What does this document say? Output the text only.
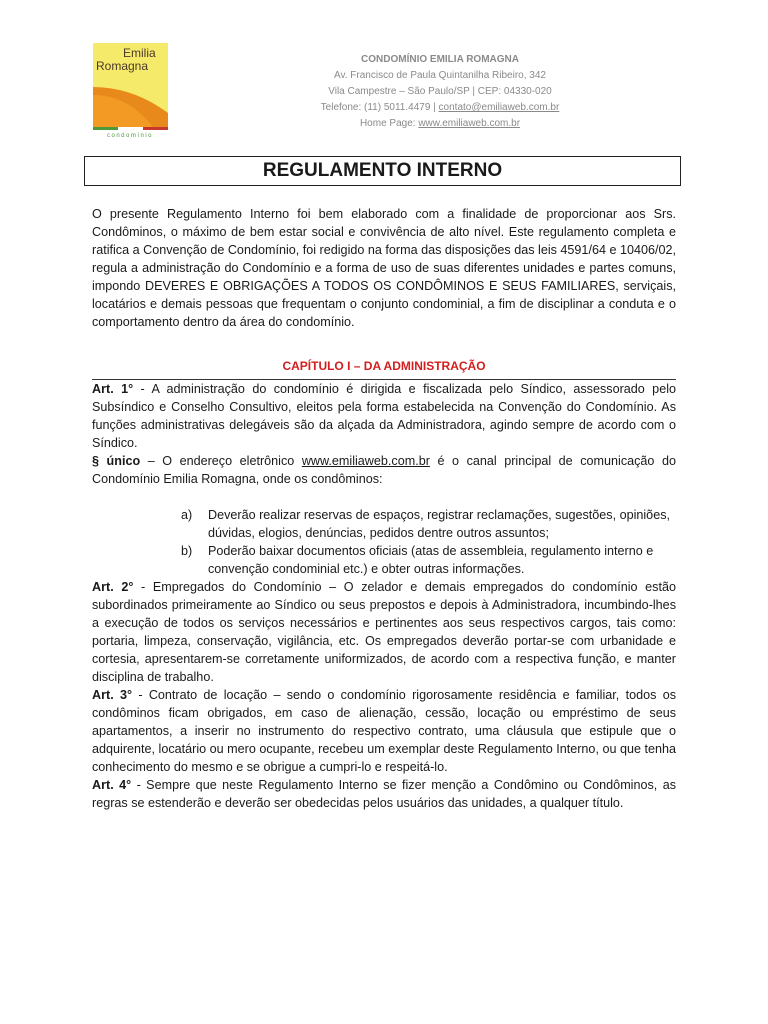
Emilia
Romagna
condomínio
CONDOMÍNIO EMILIA ROMAGNA
Av. Francisco de Paula Quintanilha Ribeiro, 342
Vila Campestre – São Paulo/SP | CEP: 04330-020
Telefone: (11) 5011.4479 | contato@emiliaweb.com.br
Home Page: www.emiliaweb.com.br
REGULAMENTO INTERNO

O presente Regulamento Interno foi bem elaborado com a finalidade de proporcionar aos Srs. Condôminos, o máximo de bem estar social e convivência de alto nível. Este regulamento completa e ratifica a Convenção de Condomínio, foi redigido na forma das disposições das leis 4591/64 e 10406/02, regula a administração do Condomínio e a forma de uso de suas diferentes unidades e partes comuns, impondo DEVERES E OBRIGAÇÕES A TODOS OS CONDÔMINOS E SEUS FAMILIARES, serviçais, locatários e demais pessoas que frequentam o conjunto condominial, a fim de disciplinar a conduta e o comportamento dentro da área do condomínio.

CAPÍTULO I – DA ADMINISTRAÇÃO

Art. 1° - A administração do condomínio é dirigida e fiscalizada pelo Síndico, assessorado pelo Subsíndico e Conselho Consultivo, eleitos pela forma estabelecida na Convenção do Condomínio. As funções administrativas delegáveis são da alçada da Administradora, agindo sempre de acordo com o Síndico.

§ único – O endereço eletrônico www.emiliaweb.com.br é o canal principal de comunicação do Condomínio Emilia Romagna, onde os condôminos:

a) Deverão realizar reservas de espaços, registrar reclamações, sugestões, opiniões, dúvidas, elogios, denúncias, pedidos dentre outros assuntos;
b) Poderão baixar documentos oficiais (atas de assembleia, regulamento interno e convenção condominial etc.) e obter outras informações.

Art. 2° - Empregados do Condomínio – O zelador e demais empregados do condomínio estão subordinados primeiramente ao Síndico ou seus prepostos e depois à Administradora, incumbindo-lhes a execução de todos os serviços necessários e pertinentes aos seus respectivos cargos, tais como: portaria, limpeza, conservação, vigilância, etc. Os empregados deverão portar-se com urbanidade e cortesia, apresentarem-se corretamente uniformizados, de acordo com a respectiva função, e manter disciplina de trabalho.

Art. 3° - Contrato de locação – sendo o condomínio rigorosamente residência e familiar, todos os condôminos ficam obrigados, em caso de alienação, cessão, locação ou empréstimo de seus apartamentos, a inserir no instrumento do respectivo contrato, uma cláusula que estipule que o adquirente, locatário ou mero ocupante, recebeu um exemplar deste Regulamento Interno, ou que tenha conhecimento do mesmo e se obrigue a cumpri-lo e respeitá-lo.

Art. 4° - Sempre que neste Regulamento Interno se fizer menção a Condômino ou Condôminos, as regras se estenderão e deverão ser obedecidas pelos usuários das unidades, a qualquer título.
